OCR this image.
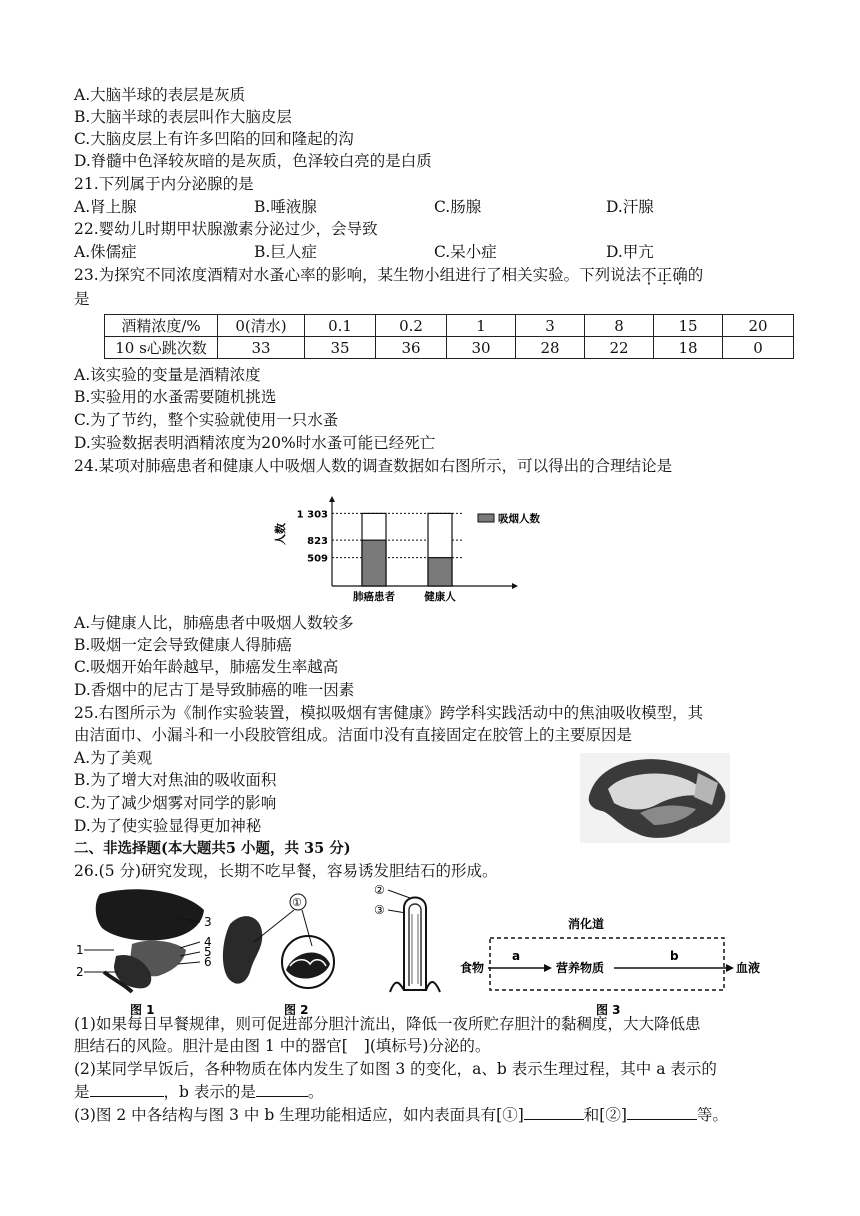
A.大脑半球的表层是灰质
B.大脑半球的表层叫作大脑皮层
C.大脑皮层上有许多凹陷的回和隆起的沟
D.脊髓中色泽较灰暗的是灰质，色泽较白亮的是白质
21.下列属于内分泌腺的是
A.肾上腺	B.唾液腺	C.肠腺	D.汗腺
22.婴幼儿时期甲状腺激素分泌过少，会导致
A.侏儒症	B.巨人症	C.呆小症	D.甲亢
23.为探究不同浓度酒精对水蚤心率的影响，某生物小组进行了相关实验。下列说法不正确的
是
酒精浓度/%	0(清水)	0.1	0.2	1	3	8	15	20
10 s心跳次数	33	35	36	30	28	22	18	0
A.该实验的变量是酒精浓度
B.实验用的水蚤需要随机挑选
C.为了节约，整个实验就使用一只水蚤
D.实验数据表明酒精浓度为20%时水蚤可能已经死亡
24.某项对肺癌患者和健康人中吸烟人数的调查数据如右图所示，可以得出的合理结论是
人数
1 303
823
509
肺癌患者	健康人
吸烟人数
A.与健康人比，肺癌患者中吸烟人数较多
B.吸烟一定会导致健康人得肺癌
C.吸烟开始年龄越早，肺癌发生率越高
D.香烟中的尼古丁是导致肺癌的唯一因素
25.右图所示为《制作实验装置，模拟吸烟有害健康》跨学科实践活动中的焦油吸收模型，其
由洁面巾、小漏斗和一小段胶管组成。洁面巾没有直接固定在胶管上的主要原因是
A.为了美观
B.为了增大对焦油的吸收面积
C.为了减少烟雾对同学的影响
D.为了使实验显得更加神秘
二、非选择题(本大题共5 小题，共 35 分)
26.(5 分)研究发现，长期不吃早餐，容易诱发胆结石的形成。
1
2
3
4
5
6
图 1
①
图 2
②
③
消化道
食物
a
营养物质
b
血液
图 3
(1)如果每日早餐规律，则可促进部分胆汁流出，降低一夜所贮存胆汁的黏稠度，大大降低患
胆结石的风险。胆汁是由图 1 中的器官[ ](填标号)分泌的。
(2)某同学早饭后，各种物质在体内发生了如图 3 的变化，a、b 表示生理过程，其中 a 表示的
是	，b 表示的是	。
(3)图 2 中各结构与图 3 中 b 生理功能相适应，如内表面具有[①]	和[②]	等。
